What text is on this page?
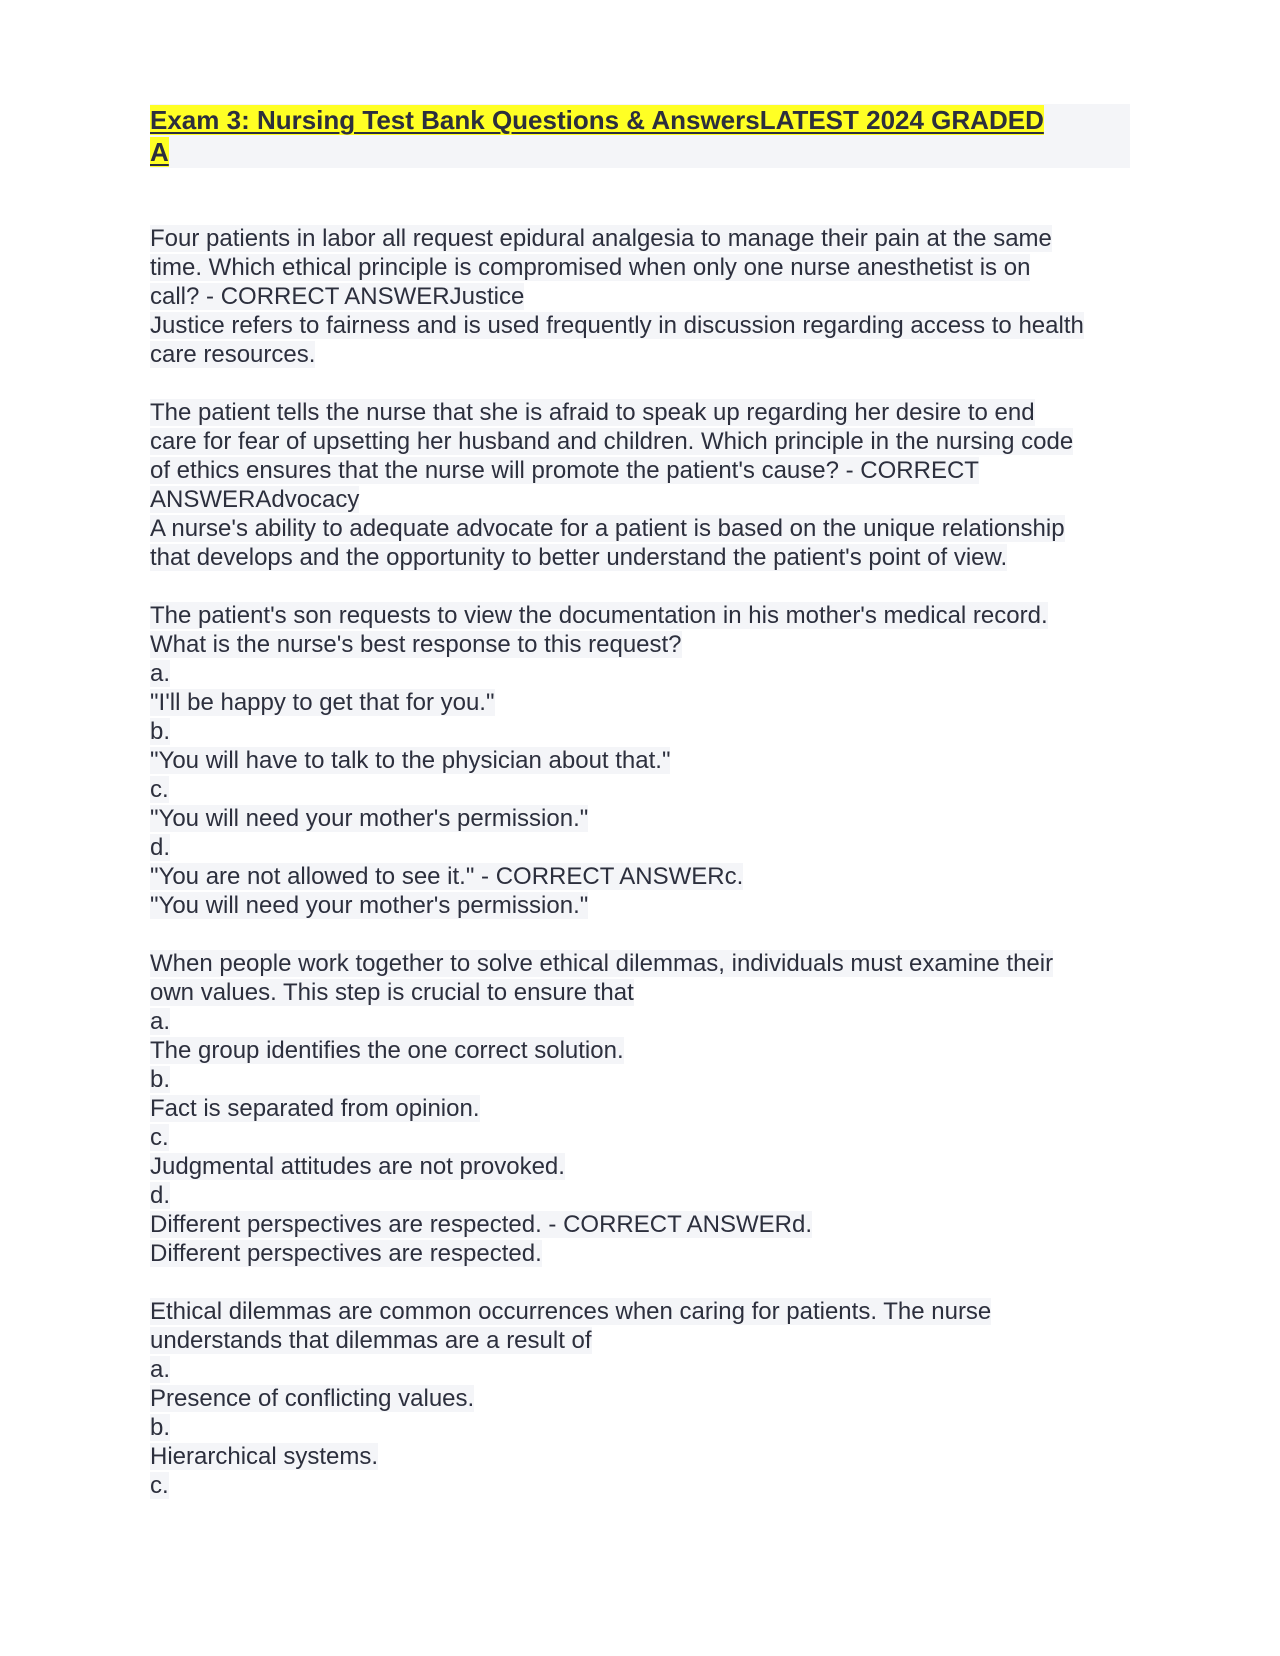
Exam 3: Nursing Test Bank Questions & AnswersLATEST 2024 GRADED
A
Four patients in labor all request epidural analgesia to manage their pain at the same
time. Which ethical principle is compromised when only one nurse anesthetist is on
call? - CORRECT ANSWERJustice
Justice refers to fairness and is used frequently in discussion regarding access to health
care resources.
The patient tells the nurse that she is afraid to speak up regarding her desire to end
care for fear of upsetting her husband and children. Which principle in the nursing code
of ethics ensures that the nurse will promote the patient's cause? - CORRECT
ANSWERAdvocacy
A nurse's ability to adequate advocate for a patient is based on the unique relationship
that develops and the opportunity to better understand the patient's point of view.
The patient's son requests to view the documentation in his mother's medical record.
What is the nurse's best response to this request?
a.
"I'll be happy to get that for you."
b.
"You will have to talk to the physician about that."
c.
"You will need your mother's permission."
d.
"You are not allowed to see it." - CORRECT ANSWERc.
"You will need your mother's permission."
When people work together to solve ethical dilemmas, individuals must examine their
own values. This step is crucial to ensure that
a.
The group identifies the one correct solution.
b.
Fact is separated from opinion.
c.
Judgmental attitudes are not provoked.
d.
Different perspectives are respected. - CORRECT ANSWERd.
Different perspectives are respected.
Ethical dilemmas are common occurrences when caring for patients. The nurse
understands that dilemmas are a result of
a.
Presence of conflicting values.
b.
Hierarchical systems.
c.
